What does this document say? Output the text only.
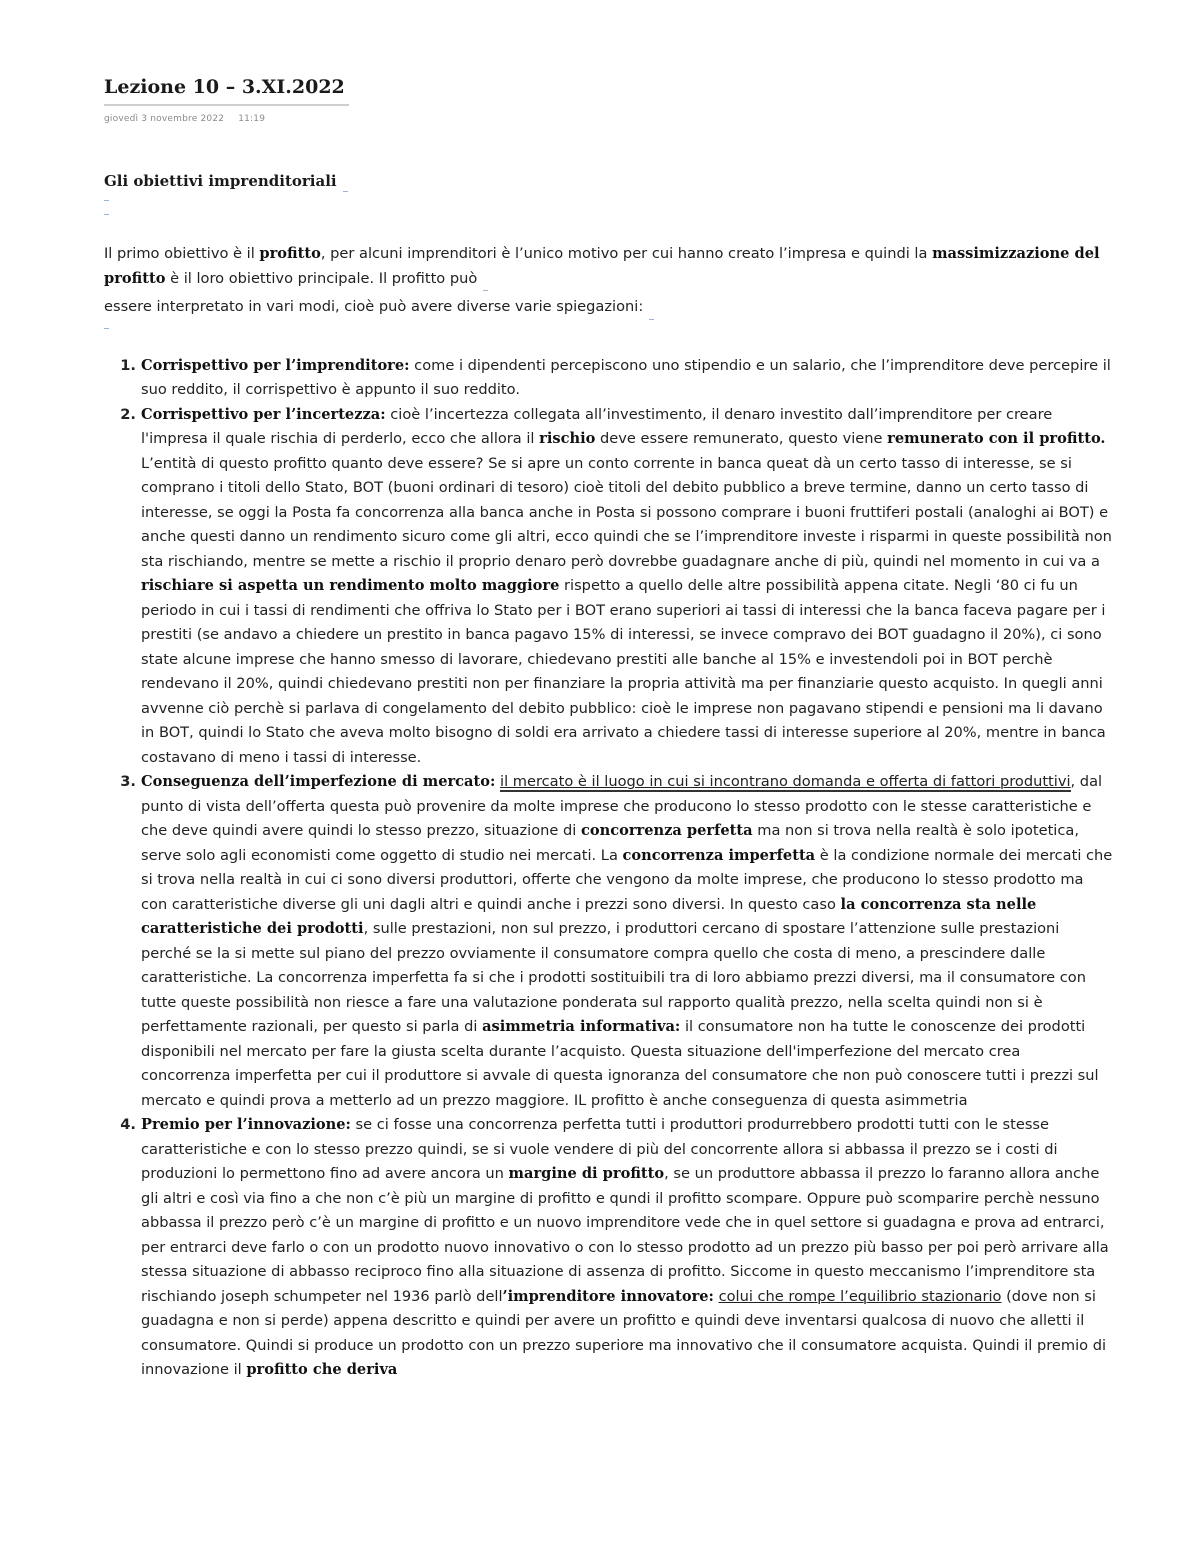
Lezione 10 – 3.XI.2022
giovedì 3 novembre 2022 11:19
Gli obiettivi imprenditoriali

Il primo obiettivo è il profitto, per alcuni imprenditori è l’unico motivo per cui hanno creato l’impresa e quindi la massimizzazione del profitto è il loro obiettivo principale. Il profitto può

essere interpretato in vari modi, cioè può avere diverse varie spiegazioni:

1. Corrispettivo per l’imprenditore: come i dipendenti percepiscono uno stipendio e un salario, che l’imprenditore deve percepire il suo reddito, il corrispettivo è appunto il suo reddito.
2. Corrispettivo per l’incertezza: cioè l’incertezza collegata all’investimento, il denaro investito dall’imprenditore per creare l'impresa il quale rischia di perderlo, ecco che allora il rischio deve essere remunerato, questo viene remunerato con il profitto. L’entità di questo profitto quanto deve essere? Se si apre un conto corrente in banca queat dà un certo tasso di interesse, se si comprano i titoli dello Stato, BOT (buoni ordinari di tesoro) cioè titoli del debito pubblico a breve termine, danno un certo tasso di interesse, se oggi la Posta fa concorrenza alla banca anche in Posta si possono comprare i buoni fruttiferi postali (analoghi ai BOT) e anche questi danno un rendimento sicuro come gli altri, ecco quindi che se l’imprenditore investe i risparmi in queste possibilità non sta rischiando, mentre se mette a rischio il proprio denaro però dovrebbe guadagnare anche di più, quindi nel momento in cui va a rischiare si aspetta un rendimento molto maggiore rispetto a quello delle altre possibilità appena citate. Negli ‘80 ci fu un periodo in cui i tassi di rendimenti che offriva lo Stato per i BOT erano superiori ai tassi di interessi che la banca faceva pagare per i prestiti (se andavo a chiedere un prestito in banca pagavo 15% di interessi, se invece compravo dei BOT guadagno il 20%), ci sono state alcune imprese che hanno smesso di lavorare, chiedevano prestiti alle banche al 15% e investendoli poi in BOT perchè rendevano il 20%, quindi chiedevano prestiti non per finanziare la propria attività ma per finanziarie questo acquisto. In quegli anni avvenne ciò perchè si parlava di congelamento del debito pubblico: cioè le imprese non pagavano stipendi e pensioni ma li davano in BOT, quindi lo Stato che aveva molto bisogno di soldi era arrivato a chiedere tassi di interesse superiore al 20%, mentre in banca costavano di meno i tassi di interesse.
3. Conseguenza dell’imperfezione di mercato: il mercato è il luogo in cui si incontrano domanda e offerta di fattori produttivi, dal punto di vista dell’offerta questa può provenire da molte imprese che producono lo stesso prodotto con le stesse caratteristiche e che deve quindi avere quindi lo stesso prezzo, situazione di concorrenza perfetta ma non si trova nella realtà è solo ipotetica, serve solo agli economisti come oggetto di studio nei mercati. La concorrenza imperfetta è la condizione normale dei mercati che si trova nella realtà in cui ci sono diversi produttori, offerte che vengono da molte imprese, che producono lo stesso prodotto ma con caratteristiche diverse gli uni dagli altri e quindi anche i prezzi sono diversi. In questo caso la concorrenza sta nelle caratteristiche dei prodotti, sulle prestazioni, non sul prezzo, i produttori cercano di spostare l’attenzione sulle prestazioni perché se la si mette sul piano del prezzo ovviamente il consumatore compra quello che costa di meno, a prescindere dalle caratteristiche. La concorrenza imperfetta fa si che i prodotti sostituibili tra di loro abbiamo prezzi diversi, ma il consumatore con tutte queste possibilità non riesce a fare una valutazione ponderata sul rapporto qualità prezzo, nella scelta quindi non si è perfettamente razionali, per questo si parla di asimmetria informativa: il consumatore non ha tutte le conoscenze dei prodotti disponibili nel mercato per fare la giusta scelta durante l’acquisto. Questa situazione dell'imperfezione del mercato crea concorrenza imperfetta per cui il produttore si avvale di questa ignoranza del consumatore che non può conoscere tutti i prezzi sul mercato e quindi prova a metterlo ad un prezzo maggiore. IL profitto è anche conseguenza di questa asimmetria
4. Premio per l’innovazione: se ci fosse una concorrenza perfetta tutti i produttori produrrebbero prodotti tutti con le stesse caratteristiche e con lo stesso prezzo quindi, se si vuole vendere di più del concorrente allora si abbassa il prezzo se i costi di produzioni lo permettono fino ad avere ancora un margine di profitto, se un produttore abbassa il prezzo lo faranno allora anche gli altri e così via fino a che non c’è più un margine di profitto e qundi il profitto scompare. Oppure può scomparire perchè nessuno abbassa il prezzo però c’è un margine di profitto e un nuovo imprenditore vede che in quel settore si guadagna e prova ad entrarci, per entrarci deve farlo o con un prodotto nuovo innovativo o con lo stesso prodotto ad un prezzo più basso per poi però arrivare alla stessa situazione di abbasso reciproco fino alla situazione di assenza di profitto. Siccome in questo meccanismo l’imprenditore sta rischiando joseph schumpeter nel 1936 parlò dell’imprenditore innovatore: colui che rompe l’equilibrio stazionario (dove non si guadagna e non si perde) appena descritto e quindi per avere un profitto e quindi deve inventarsi qualcosa di nuovo che alletti il consumatore. Quindi si produce un prodotto con un prezzo superiore ma innovativo che il consumatore acquista. Quindi il premio di innovazione il profitto che deriva
